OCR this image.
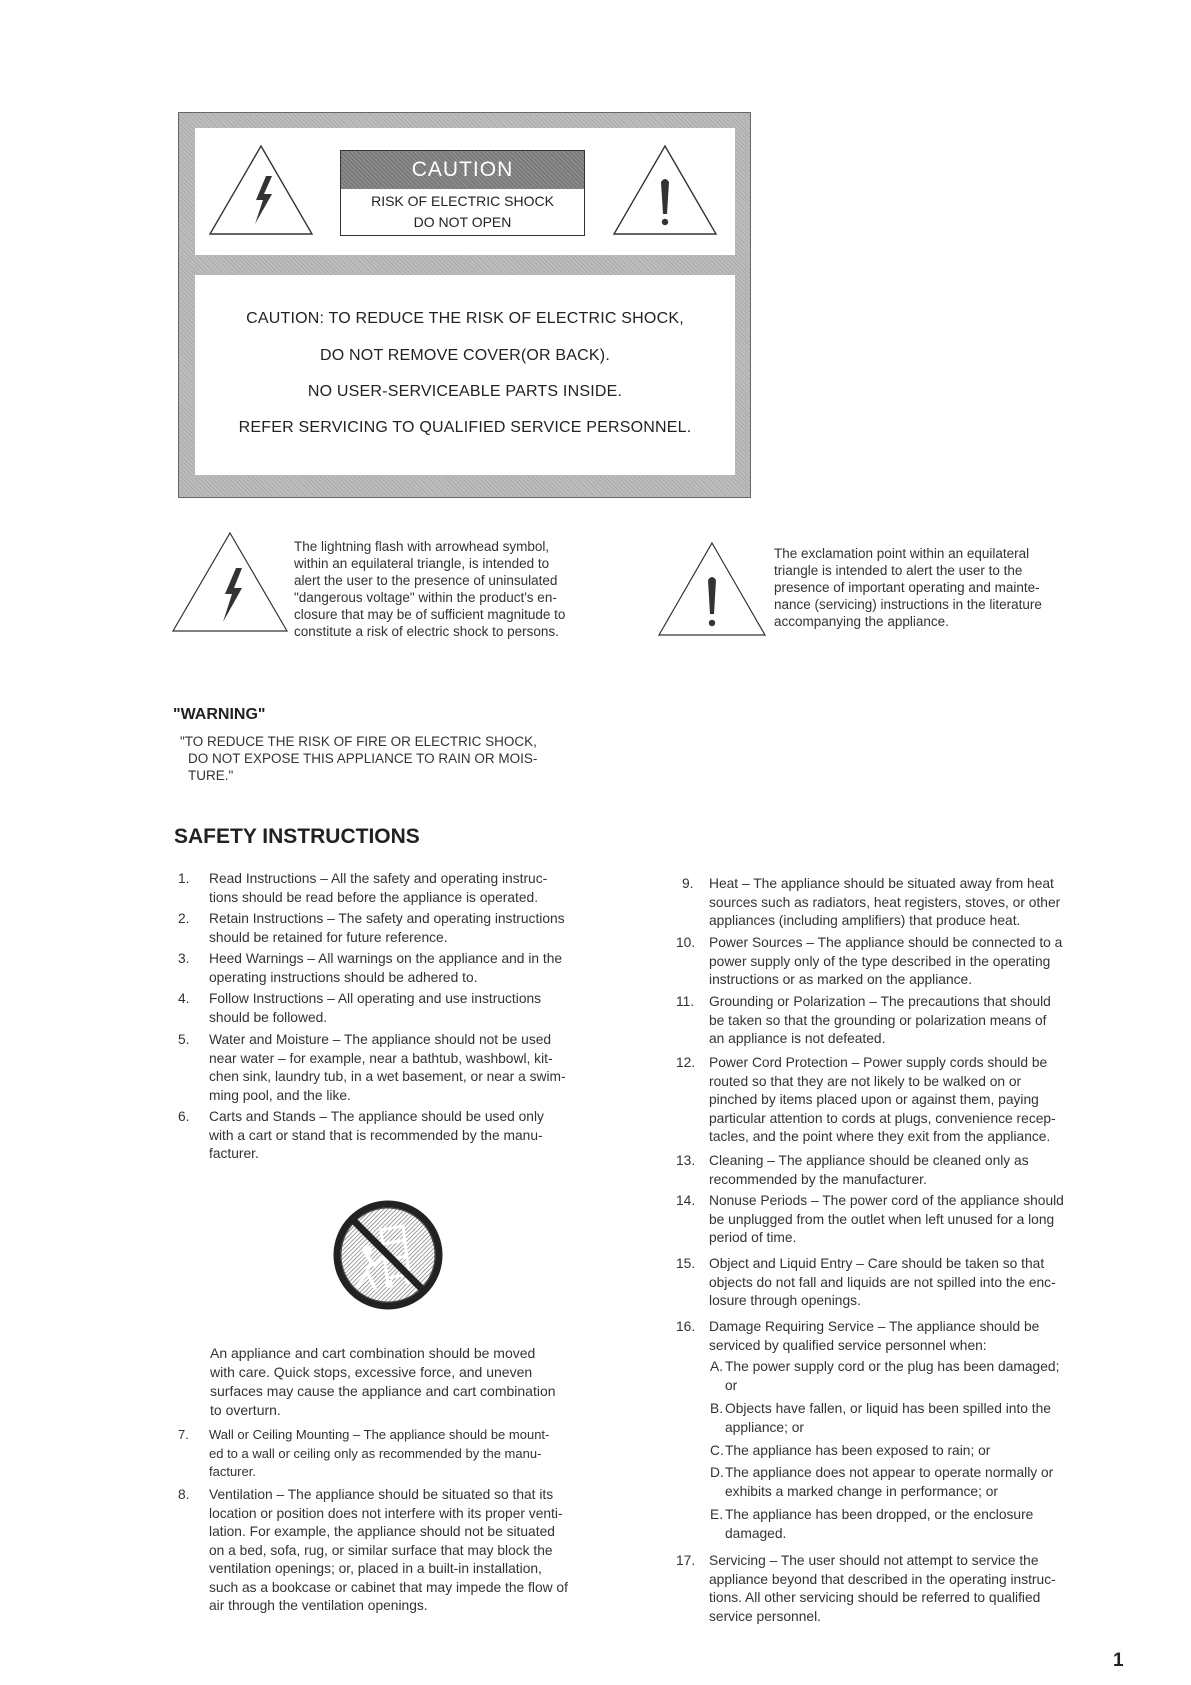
CAUTION
RISK OF ELECTRIC SHOCK
DO NOT OPEN
CAUTION: TO REDUCE THE RISK OF ELECTRIC SHOCK,
DO NOT REMOVE COVER(OR BACK).
NO USER-SERVICEABLE PARTS INSIDE.
REFER SERVICING TO QUALIFIED SERVICE PERSONNEL.
The lightning flash with arrowhead symbol,
within an equilateral triangle, is intended to
alert the user to the presence of uninsulated
"dangerous voltage" within the product's en-
closure that may be of sufficient magnitude to
constitute a risk of electric shock to persons.
The exclamation point within an equilateral
triangle is intended to alert the user to the
presence of important operating and mainte-
nance (servicing) instructions in the literature
accompanying the appliance.
"WARNING"
"TO REDUCE THE RISK OF FIRE OR ELECTRIC SHOCK,
DO NOT EXPOSE THIS APPLIANCE TO RAIN OR MOIS-
TURE."
SAFETY INSTRUCTIONS
1. Read Instructions – All the safety and operating instruc-
tions should be read before the appliance is operated.
2. Retain Instructions – The safety and operating instructions
should be retained for future reference.
3. Heed Warnings – All warnings on the appliance and in the
operating instructions should be adhered to.
4. Follow Instructions – All operating and use instructions
should be followed.
5. Water and Moisture – The appliance should not be used
near water – for example, near a bathtub, washbowl, kit-
chen sink, laundry tub, in a wet basement, or near a swim-
ming pool, and the like.
6. Carts and Stands – The appliance should be used only
with a cart or stand that is recommended by the manu-
facturer.
An appliance and cart combination should be moved
with care. Quick stops, excessive force, and uneven
surfaces may cause the appliance and cart combination
to overturn.
7. Wall or Ceiling Mounting – The appliance should be mount-
ed to a wall or ceiling only as recommended by the manu-
facturer.
8. Ventilation – The appliance should be situated so that its
location or position does not interfere with its proper venti-
lation. For example, the appliance should not be situated
on a bed, sofa, rug, or similar surface that may block the
ventilation openings; or, placed in a built-in installation,
such as a bookcase or cabinet that may impede the flow of
air through the ventilation openings.
9. Heat – The appliance should be situated away from heat
sources such as radiators, heat registers, stoves, or other
appliances (including amplifiers) that produce heat.
10. Power Sources – The appliance should be connected to a
power supply only of the type described in the operating
instructions or as marked on the appliance.
11. Grounding or Polarization – The precautions that should
be taken so that the grounding or polarization means of
an appliance is not defeated.
12. Power Cord Protection – Power supply cords should be
routed so that they are not likely to be walked on or
pinched by items placed upon or against them, paying
particular attention to cords at plugs, convenience recep-
tacles, and the point where they exit from the appliance.
13. Cleaning – The appliance should be cleaned only as
recommended by the manufacturer.
14. Nonuse Periods – The power cord of the appliance should
be unplugged from the outlet when left unused for a long
period of time.
15. Object and Liquid Entry – Care should be taken so that
objects do not fall and liquids are not spilled into the enc-
losure through openings.
16. Damage Requiring Service – The appliance should be
serviced by qualified service personnel when:
A. The power supply cord or the plug has been damaged;
or
B. Objects have fallen, or liquid has been spilled into the
appliance; or
C. The appliance has been exposed to rain; or
D. The appliance does not appear to operate normally or
exhibits a marked change in performance; or
E. The appliance has been dropped, or the enclosure
damaged.
17. Servicing – The user should not attempt to service the
appliance beyond that described in the operating instruc-
tions. All other servicing should be referred to qualified
service personnel.
1
